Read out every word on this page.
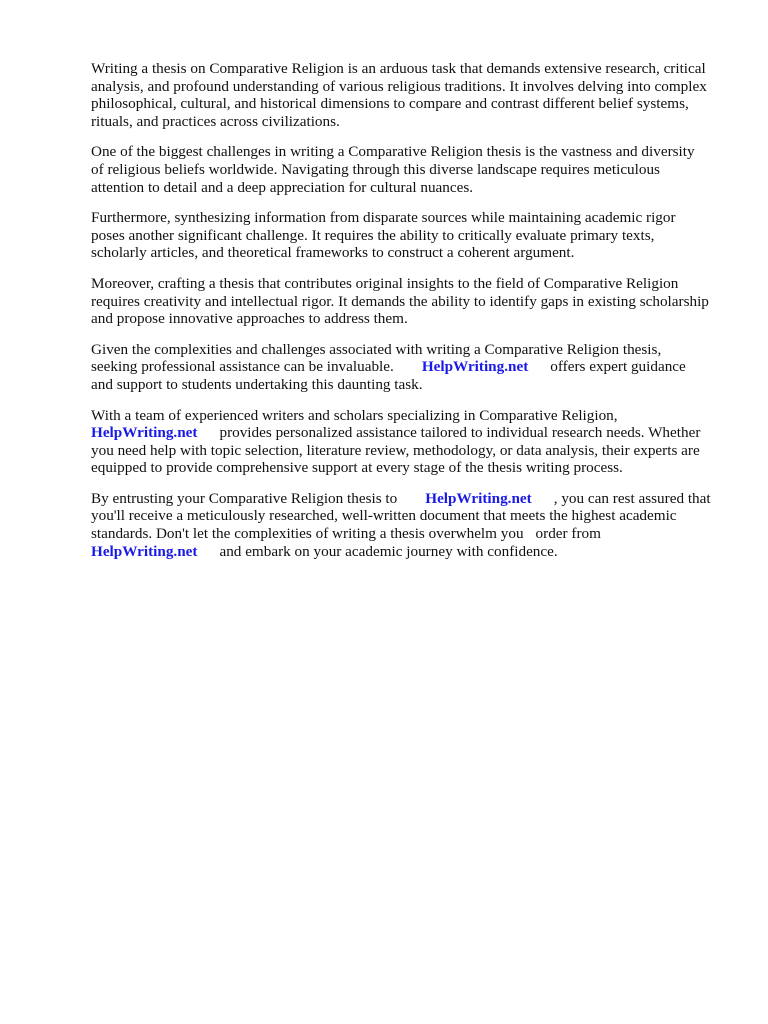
Writing a thesis on Comparative Religion is an arduous task that demands extensive research, critical
analysis, and profound understanding of various religious traditions. It involves delving into complex
philosophical, cultural, and historical dimensions to compare and contrast different belief systems,
rituals, and practices across civilizations.
One of the biggest challenges in writing a Comparative Religion thesis is the vastness and diversity
of religious beliefs worldwide. Navigating through this diverse landscape requires meticulous
attention to detail and a deep appreciation for cultural nuances.
Furthermore, synthesizing information from disparate sources while maintaining academic rigor
poses another significant challenge. It requires the ability to critically evaluate primary texts,
scholarly articles, and theoretical frameworks to construct a coherent argument.
Moreover, crafting a thesis that contributes original insights to the field of Comparative Religion
requires creativity and intellectual rigor. It demands the ability to identify gaps in existing scholarship
and propose innovative approaches to address them.
Given the complexities and challenges associated with writing a Comparative Religion thesis,
seeking professional assistance can be invaluable. HelpWriting.net offers expert guidance
and support to students undertaking this daunting task.
With a team of experienced writers and scholars specializing in Comparative Religion,
HelpWriting.net provides personalized assistance tailored to individual research needs. Whether
you need help with topic selection, literature review, methodology, or data analysis, their experts are
equipped to provide comprehensive support at every stage of the thesis writing process.
By entrusting your Comparative Religion thesis to HelpWriting.net , you can rest assured that
you'll receive a meticulously researched, well-written document that meets the highest academic
standards. Don't let the complexities of writing a thesis overwhelm you order from
HelpWriting.net and embark on your academic journey with confidence.
